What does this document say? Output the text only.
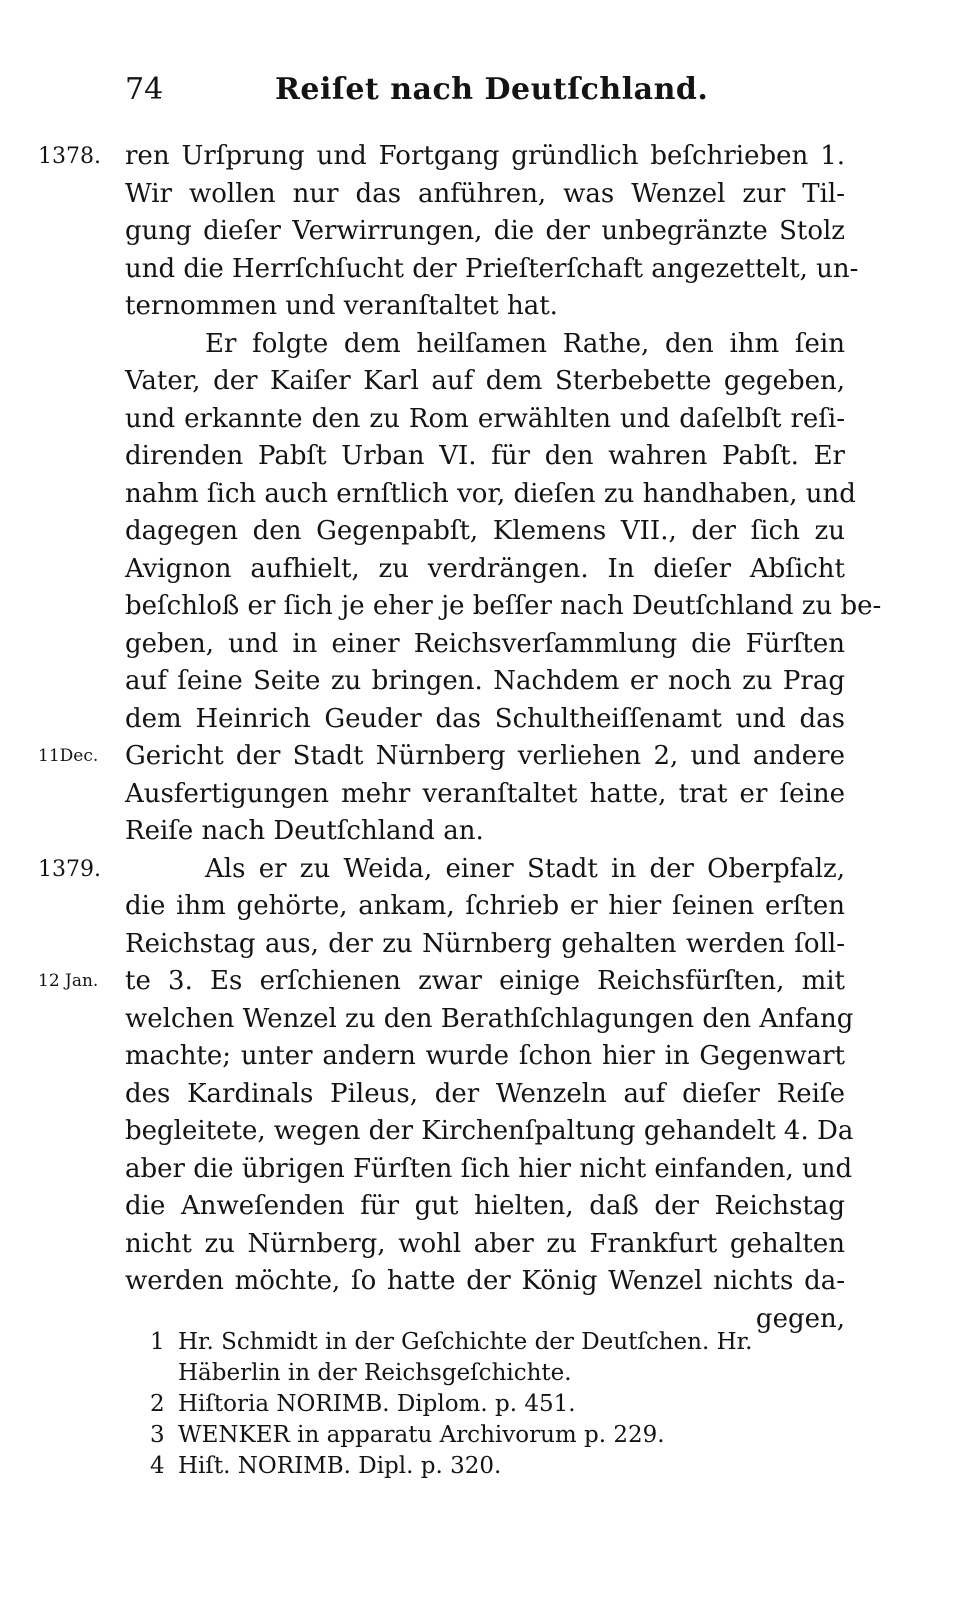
74	Reiſet nach Deutſchland.
ren Urſprung und Fortgang gründlich beſchrieben 1.
Wir wollen nur das anführen, was Wenzel zur Til-
gung dieſer Verwirrungen, die der unbegränzte Stolz
und die Herrſchſucht der Prieſterſchaft angezettelt, un-
ternommen und veranſtaltet hat.
Er folgte dem heilſamen Rathe, den ihm ſein
Vater, der Kaiſer Karl auf dem Sterbebette gegeben,
und erkannte den zu Rom erwählten und daſelbſt reſi-
direnden Pabſt Urban VI. für den wahren Pabſt. Er
nahm ſich auch ernſtlich vor, dieſen zu handhaben, und
dagegen den Gegenpabſt, Klemens VII., der ſich zu
Avignon aufhielt, zu verdrängen. In dieſer Abſicht
beſchloß er ſich je eher je beſſer nach Deutſchland zu be-
geben, und in einer Reichsverſammlung die Fürſten
auf ſeine Seite zu bringen. Nachdem er noch zu Prag
dem Heinrich Geuder das Schultheiſſenamt und das
Gericht der Stadt Nürnberg verliehen 2, und andere
Ausfertigungen mehr veranſtaltet hatte, trat er ſeine
Reiſe nach Deutſchland an.
Als er zu Weida, einer Stadt in der Oberpfalz,
die ihm gehörte, ankam, ſchrieb er hier ſeinen erſten
Reichstag aus, der zu Nürnberg gehalten werden ſoll-
te 3. Es erſchienen zwar einige Reichsfürſten, mit
welchen Wenzel zu den Berathſchlagungen den Anfang
machte; unter andern wurde ſchon hier in Gegenwart
des Kardinals Pileus, der Wenzeln auf dieſer Reiſe
begleitete, wegen der Kirchenſpaltung gehandelt 4. Da
aber die übrigen Fürſten ſich hier nicht einfanden, und
die Anweſenden für gut hielten, daß der Reichstag
nicht zu Nürnberg, wohl aber zu Frankfurt gehalten
werden möchte, ſo hatte der König Wenzel nichts da-
gegen,
1378.
11Dec.
1379.
12 Jan.
1 Hr. Schmidt in der Geſchichte der Deutſchen. Hr.
Häberlin in der Reichsgeſchichte.
2 Hiſtoria NORIMB. Diplom. p. 451.
3 WENKER in apparatu Archivorum p. 229.
4 Hiſt. NORIMB. Dipl. p. 320.
